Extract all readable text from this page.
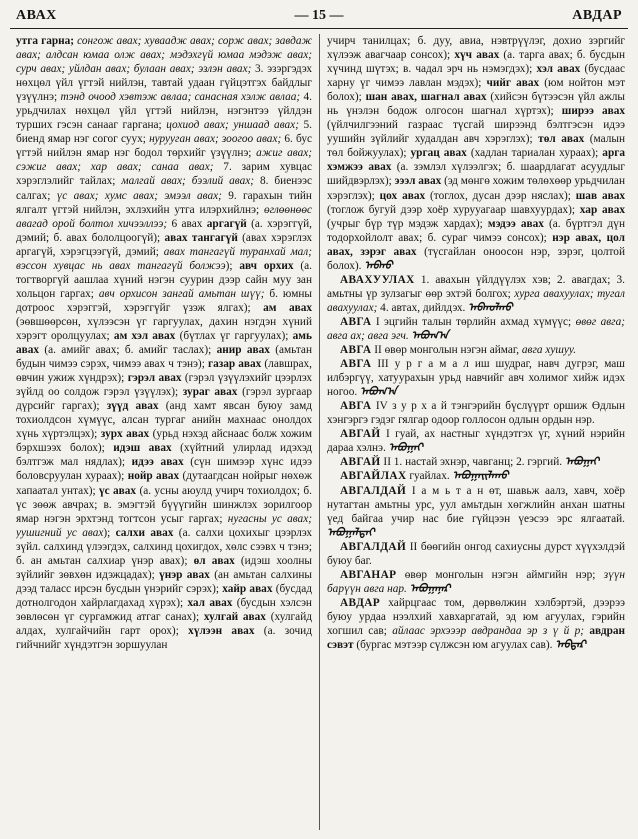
АВАХ	— 15 —	АВДАР

утга гарна; сонгож авах; хуваадж авах; сорж авах; завдаж авах; алдсан юмаа олж авах; мэдэхгүй юмаа мэдэж авах; сурч авах; уйлдан авах; булаан авах; эзлэн авах; 3. эзэргэдэх нөхцөл үйл үгтэй нийлэн, тавтай удаан гүйцэтгэх байдлыг үзүүлнэ; тэнд очоод хэвтэж авлаа; санасная хэлж авлаа; 4. урьдчилах нөхцөл үйл үгтэй нийлэн, нэгэнтээ үйлдэн турших гэсэн санааг гаргана; цохиод авах; уншаад авах; 5. биенд ямар нэг согог суух; нурууган авах; зоогоо авах; 6. бус үгтэй нийлэн ямар нэг бодол төрхийг үзүүлнэ; ажиг авах; сэжиг авах; хар авах; санаа авах; 7. зарим хувцас хэрэглэлийг тайлах; малгай авах; бээлий авах; 8. биенээс салгах; үс авах; хумс авах; эмээл авах; 9. гарахын тийн ялгалт үгтэй нийлэн, эхлэхийн утга илэрхийлнэ; өглөөнөөс авагад орой болтол хичээллээ; 6 авах аргагүй (а. хэрэггүй, дэмий; б. авах бололцоогүй); авах тангагүй (авах хэрэглэх аргагүй, хэрэгцээгүй, дэмий; авах тангагүй туранхай мал; вэссон хувцас нь авах тангагүй болжээ); авч орхих (а. тогтворгүй аашлаа хүний нэгэн суурин дээр сайн муу зан хольцон гаргах; авч орхисон зангай амьтан шүү; б. юмны дотроос хэрэггэй, хэрэггүйг үзэж ялгах); ам авах (эөвшөөрсөн, хүлээсэн үг гаргуулах, дахин нэгдэн хүний хэрэгт оролцуулах; ам хэл авах (бүтлах үг гаргуулах); амь авах (а. амийг авах; б. амийг таслах); анир авах (амьтан будын чимээ сэрэх, чимээ авах ч тэнэ); газар авах (лавшрах, өвчин ужиж хүндрэх); гэрэл авах (гэрэл үзүүлэхийг цээрлэх зүйлд оо солдож гэрэл үзүүлэх); зураг авах (гэрэл зургаар дүрсийг гаргах); зүүд авах (анд хамт явсан буюу замд тохиолдсон хүмүүс, алсан тургаг анийн махнаас онолдох хүнь хүртэлцэх); зурх авах (урьд нэхэд айснаас болж хожим бэрхшээх болох); идэш авах (хүйтний улирлад идэхэд бэлтгэж мал нядлах); идээ авах (сүн шимээр хүнс идээ боловсруулан хураах); нойр авах (дутаагдсан нойрыг нөхөж хапаатал унтах); үс авах (а. усны аюулд учирч тохиолдох; б. үс зөөж авчрах; в. эмэгтэй бүүүгийн шинжлэх зорилгоор ямар нэгэн эрхтэнд тогтсон усыг гаргах; нугасны ус авах; уушигний ус авах); салхи авах (а. салхи цохихыг цээрлэх зүйл. салхинд үлээгдэх, салхинд цохигдох, хөлс сээвх ч тэнэ; б. ан амьтан салхиар үнэр авах); өл авах (идэш хоолны зүйлийг зөвхөн идэжцадах); үнэр авах (ан амьтан салхины дээд таласс ирсэн бусдын үнэрийг сэрэх); хайр авах (бусдад дотнолгодон хайрлагдахад хүрэх); хал авах (бусдын хэлсэн зөвлөсөн үг сургамжид атгаг санах); хулгай авах (хулгайд алдах, хулгайчийн гарт орох); хүлээн авах (а. зочид гийчнийг хүндэтгэн зоршуулан

учирч танилцах; б. дуу, авиа, нэвтрүүлэг, дохио зэргийг хүлээж авагчаар сонсох); хүч авах (а. тарга авах; б. бусдын хүчинд шүтэх; в. чадал эрч нь нэмэгдэх); хэл авах (бусдаас харну үг чимээ лавлан мэдэх); чийг авах (юм нойтон мэт болох); шан авах, шагнал авах (хийсэн бүтээсэн үйл ажлы нь үнэлэн бодож олгосон шагнал хүртэх); ширээ авах (үйлчилгээний газраас түсгай ширээнд бэлтгэсэн идээ уушийн зүйлийг худалдан авч хэрэглэх); төл авах (малын төл бойжуулах); ургац авах (хадлан тариалан хураах); арга хэмжээ авах (а. зэмлэл хүлээлгэх; б. шаардлагат асуудлыг шийдвэрлэх); эээл авах (эд мөнгө хожим төлөхөөр урьдчилан хэрэглэх); цох авах (тоглох, дусан дээр няслах); шав авах (тоглож бугуй дээр хоёр хурууагаар шавхуурдах); хар авах (учрыг бүр түр мэдэж хардах); мэдээ авах (а. бүртгэл дүн тодорхойлолт авах; б. сураг чимээ сонсох); нэр авах, цол авах, зэрэг авах (түсгайлан оноосон нэр, зэрэг, цолтой болох). ᠠᠪᠬᠤ

АВАХУУЛАХ 1. авахын үйлдүүлэх хэв; 2. авагдах; 3. амьтны үр зулзагыг өөр эхтэй болгох; хурга авахуулах; тугал авахуулах; 4. автах, дийлдэх. ᠠᠪᠬᠤᠯᠬᠤ

АВГА I эцгийн талын төрлийн ахмад хүмүүс; өвөг авга; авга ах; авга эгч. ᠠᠪᠤᠭ᠎ᠠ

АВГА II өвөр монголын нэгэн аймаг, авга хушуу.

АВГА III у р г а м а л иш шудраг, навч дугрэг, маш илбэргүү, хатуурахын урьд навчийг авч холимог хийж идэх ногоо. ᠠᠪᠤᠭ᠎ᠠ

АВГА IV з у р х а й тэнгэрийн бүслүүрт оршиж Өдлын хэнгэргэ гэдэг гялгар одоор голлосон одлын ордын нэр.

АВГАЙ I гуай, ах настныг хүндэтгэх үг, хүний нэрийн дараа хэлнэ. ᠠᠪᠤᠭᠠᠢ

АВГАЙ II 1. настай эхнэр, чавганц; 2. гэргий. ᠠᠪᠤᠭᠠᠢ

АВГАЙЛАХ гуайлах. ᠠᠪᠤᠭᠠᠢᠯᠠᠬᠤ

АВГАЛДАЙ I а м ь т а н өт, шавьж аалз, хавч, хоёр нутагтан амьтны урс, уул амьтдын хөгжлийн анхан шатны үед байгаа учир нас бие гүйцээн үеэсээ эрс ялгаатай. ᠠᠪᠤᠭᠠᠯᠳᠠᠢ

АВГАЛДАЙ II бөөгийн онгод сахиусны дурст хүүхэлдэй буюу баг.

АВГАНАР өвөр монголын нэгэн аймгийн нэр; зүүн барүүн авга нар. ᠠᠪᠤᠭᠠᠨᠠᠷ

АВДАР хайрцгаас том, дөрвөлжин хэлбэртэй, дээрээ буюу урдаа нээлхий хавхаргатай, эд юм агуулах, гэрийн хогшил сав; айлаас эрхэээр авдрандаа эр з ү й р; авдран сэвэт (бургас мэтээр сүлжсэн юм агуулах сав). ᠠᠪᠳᠠᠷ
